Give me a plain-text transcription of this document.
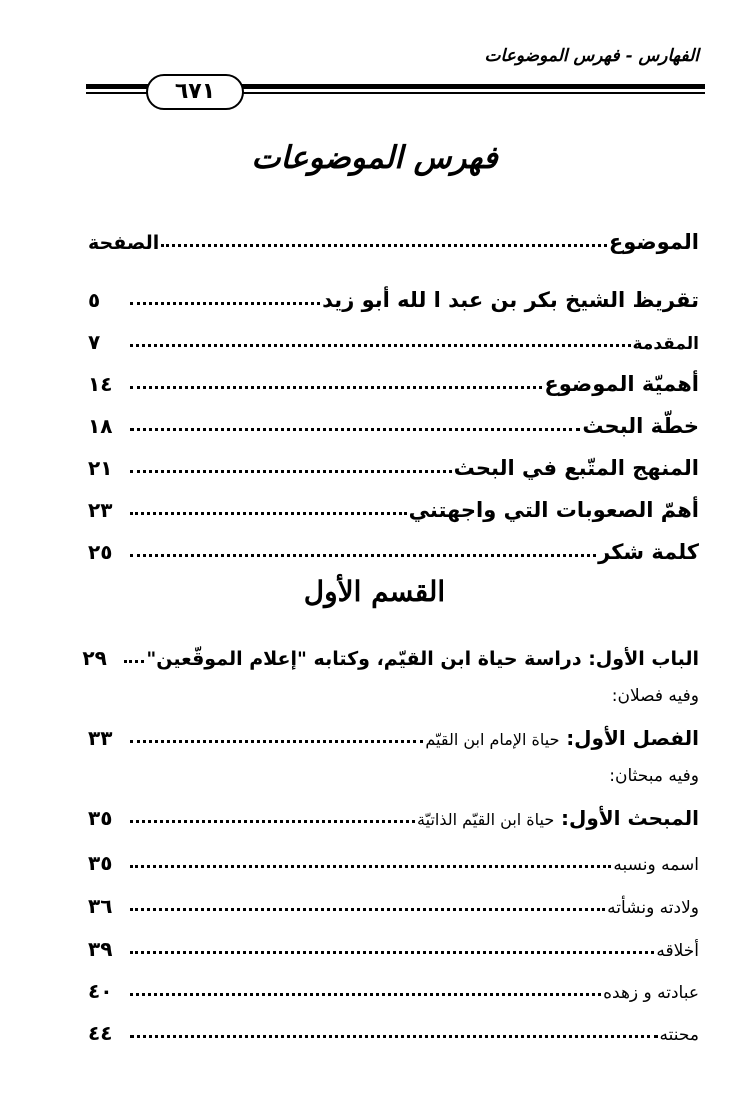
الفهارس - فهرس الموضوعات
٦٧١
فهرس الموضوعات
الموضوع
الصفحة
تقريظ الشيخ بكر بن عبد ا لله أبو زيد
٥
المقدمة
٧
أهميّة الموضوع
١٤
خطّة البحث
١٨
المنهج المتّبع في البحث
٢١
أهمّ الصعوبات التي واجهتني
٢٣
كلمة شكر
٢٥
القسم الأول
الباب الأول: دراسة حياة ابن القيّم، وكتابه "إعلام الموقّعين"
٢٩
وفيه فصلان:
الفصل الأول: حياة الإمام ابن القيّم
٣٣
وفيه مبحثان:
المبحث الأول: حياة ابن القيّم الذاتيّة
٣٥
اسمه ونسبه
٣٥
ولادته ونشأته
٣٦
أخلاقه
٣٩
عبادته و زهده
٤٠
محنته
٤٤
